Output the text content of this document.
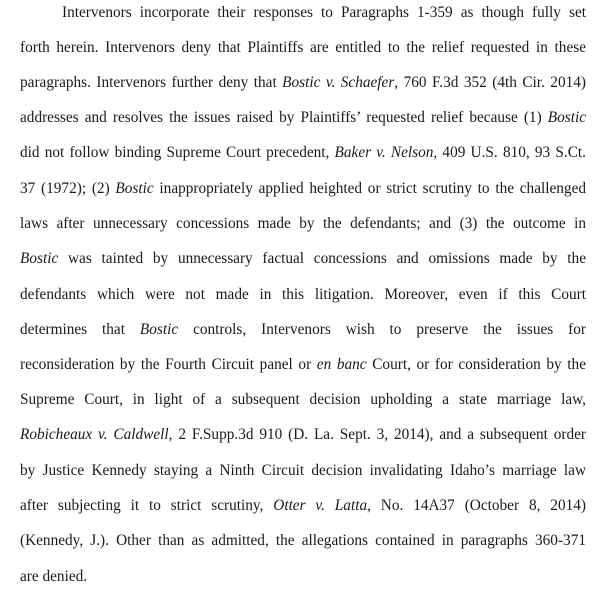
Intervenors incorporate their responses to Paragraphs 1-359 as though fully set
forth herein. Intervenors deny that Plaintiffs are entitled to the relief requested in these
paragraphs. Intervenors further deny that Bostic v. Schaefer, 760 F.3d 352 (4th Cir. 2014)
addresses and resolves the issues raised by Plaintiffs’ requested relief because (1) Bostic
did not follow binding Supreme Court precedent, Baker v. Nelson, 409 U.S. 810, 93 S.Ct.
37 (1972); (2) Bostic inappropriately applied heighted or strict scrutiny to the challenged
laws after unnecessary concessions made by the defendants; and (3) the outcome in
Bostic was tainted by unnecessary factual concessions and omissions made by the
defendants which were not made in this litigation. Moreover, even if this Court
determines that Bostic controls, Intervenors wish to preserve the issues for
reconsideration by the Fourth Circuit panel or en banc Court, or for consideration by the
Supreme Court, in light of a subsequent decision upholding a state marriage law,
Robicheaux v. Caldwell, 2 F.Supp.3d 910 (D. La. Sept. 3, 2014), and a subsequent order
by Justice Kennedy staying a Ninth Circuit decision invalidating Idaho’s marriage law
after subjecting it to strict scrutiny, Otter v. Latta, No. 14A37 (October 8, 2014)
(Kennedy, J.). Other than as admitted, the allegations contained in paragraphs 360-371
are denied.
